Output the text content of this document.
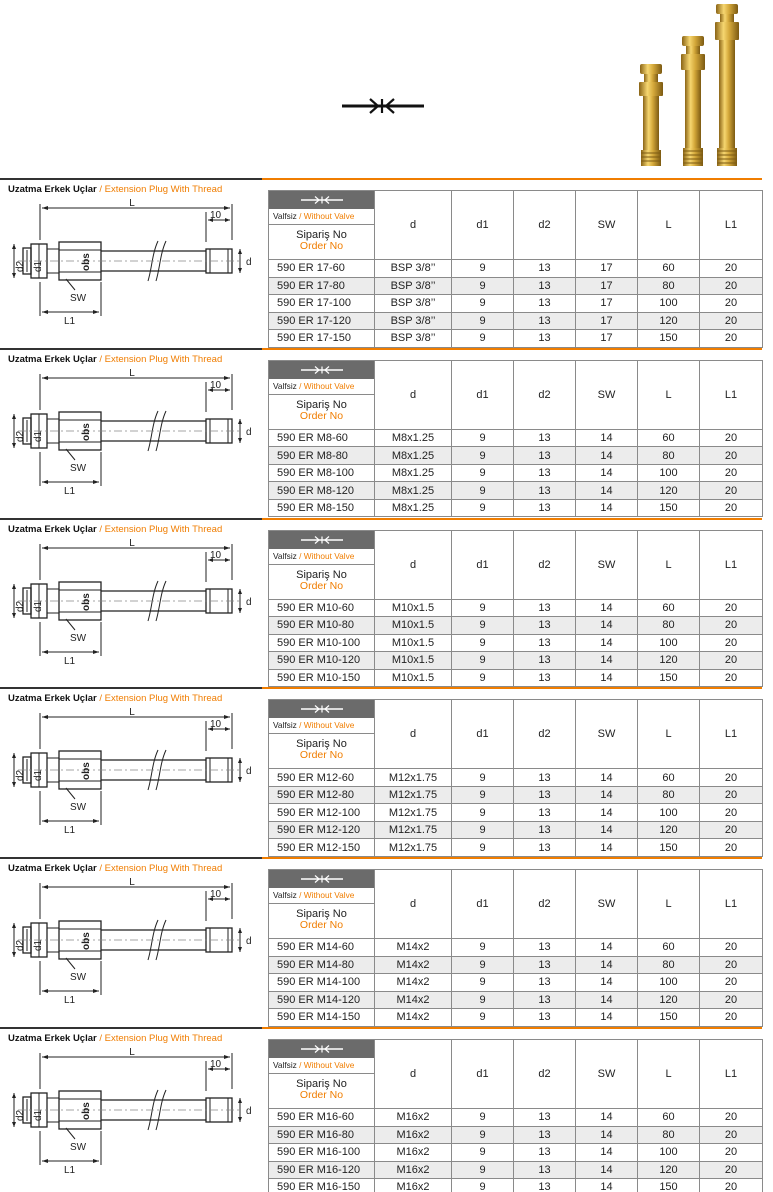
Uzatma Erkek Uçlar / Extension Plug With Thread
L
10
d
d2 d1	obs
SW
L1
Valfsiz / Without Valve
Sipariş No
Order No	d	d1	d2	SW	L	L1
590 ER 17-60	BSP 3/8’’	9	13	17	60	20
590 ER 17-80	BSP 3/8’’	9	13	17	80	20
590 ER 17-100	BSP 3/8’’	9	13	17	100	20
590 ER 17-120	BSP 3/8’’	9	13	17	120	20
590 ER 17-150	BSP 3/8’’	9	13	17	150	20
Uzatma Erkek Uçlar / Extension Plug With Thread
L
10
d
d2 d1	obs
SW
L1
Valfsiz / Without Valve
Sipariş No
Order No	d	d1	d2	SW	L	L1
590 ER M8-60	M8x1.25	9	13	14	60	20
590 ER M8-80	M8x1.25	9	13	14	80	20
590 ER M8-100	M8x1.25	9	13	14	100	20
590 ER M8-120	M8x1.25	9	13	14	120	20
590 ER M8-150	M8x1.25	9	13	14	150	20
Uzatma Erkek Uçlar / Extension Plug With Thread
L
10
d
d2 d1	obs
SW
L1
Valfsiz / Without Valve
Sipariş No
Order No	d	d1	d2	SW	L	L1
590 ER M10-60	M10x1.5	9	13	14	60	20
590 ER M10-80	M10x1.5	9	13	14	80	20
590 ER M10-100	M10x1.5	9	13	14	100	20
590 ER M10-120	M10x1.5	9	13	14	120	20
590 ER M10-150	M10x1.5	9	13	14	150	20
Uzatma Erkek Uçlar / Extension Plug With Thread
L
10
d
d2 d1	obs
SW
L1
Valfsiz / Without Valve
Sipariş No
Order No	d	d1	d2	SW	L	L1
590 ER M12-60	M12x1.75	9	13	14	60	20
590 ER M12-80	M12x1.75	9	13	14	80	20
590 ER M12-100	M12x1.75	9	13	14	100	20
590 ER M12-120	M12x1.75	9	13	14	120	20
590 ER M12-150	M12x1.75	9	13	14	150	20
Uzatma Erkek Uçlar / Extension Plug With Thread
L
10
d
d2 d1	obs
SW
L1
Valfsiz / Without Valve
Sipariş No
Order No	d	d1	d2	SW	L	L1
590 ER M14-60	M14x2	9	13	14	60	20
590 ER M14-80	M14x2	9	13	14	80	20
590 ER M14-100	M14x2	9	13	14	100	20
590 ER M14-120	M14x2	9	13	14	120	20
590 ER M14-150	M14x2	9	13	14	150	20
Uzatma Erkek Uçlar / Extension Plug With Thread
L
10
d
d2 d1	obs
SW
L1
Valfsiz / Without Valve
Sipariş No
Order No	d	d1	d2	SW	L	L1
590 ER M16-60	M16x2	9	13	14	60	20
590 ER M16-80	M16x2	9	13	14	80	20
590 ER M16-100	M16x2	9	13	14	100	20
590 ER M16-120	M16x2	9	13	14	120	20
590 ER M16-150	M16x2	9	13	14	150	20
